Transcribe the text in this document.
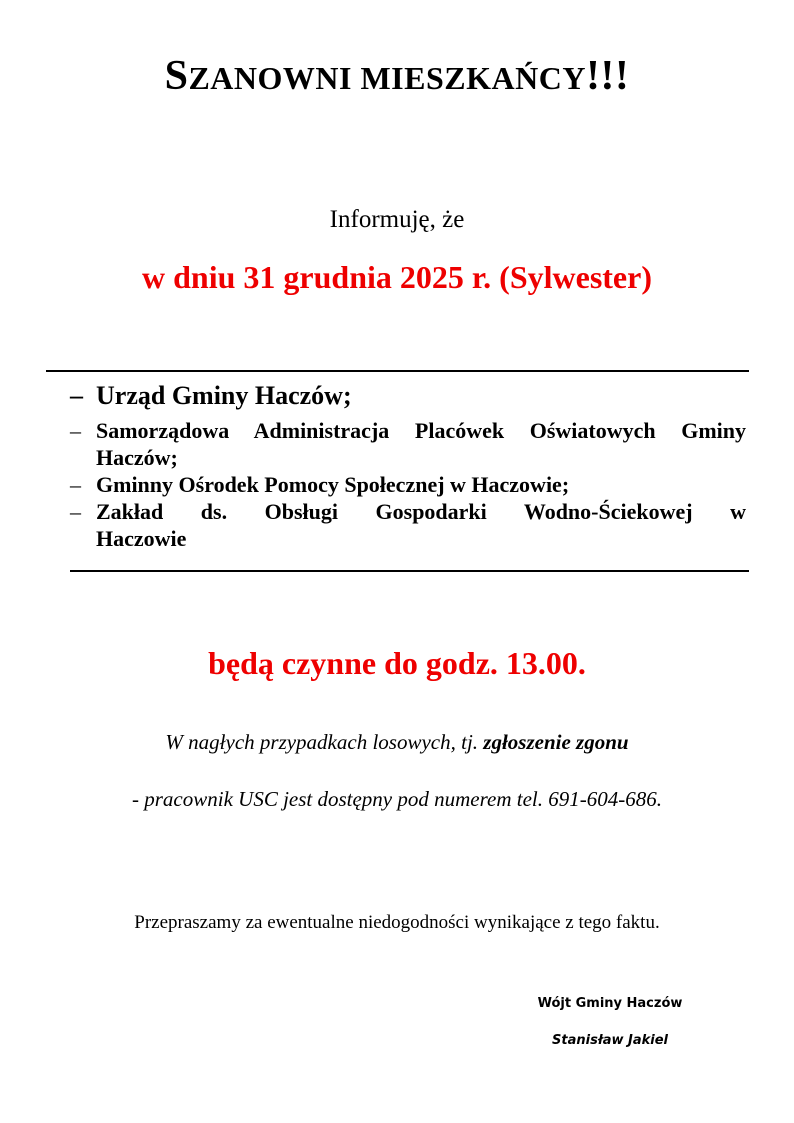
SZANOWNI MIESZKAŃCY!!!
Informuję, że
w dniu 31 grudnia 2025 r. (Sylwester)
– Urząd Gminy Haczów;
– Samorządowa Administracja Placówek Oświatowych Gminy Haczów;
– Gminny Ośrodek Pomocy Społecznej w Haczowie;
– Zakład ds. Obsługi Gospodarki Wodno-Ściekowej w Haczowie
będą czynne do godz. 13.00.
W nagłych przypadkach losowych, tj. zgłoszenie zgonu
- pracownik USC jest dostępny pod numerem tel. 691-604-686.
Przepraszamy za ewentualne niedogodności wynikające z tego faktu.
Wójt Gminy Haczów
Stanisław Jakiel
